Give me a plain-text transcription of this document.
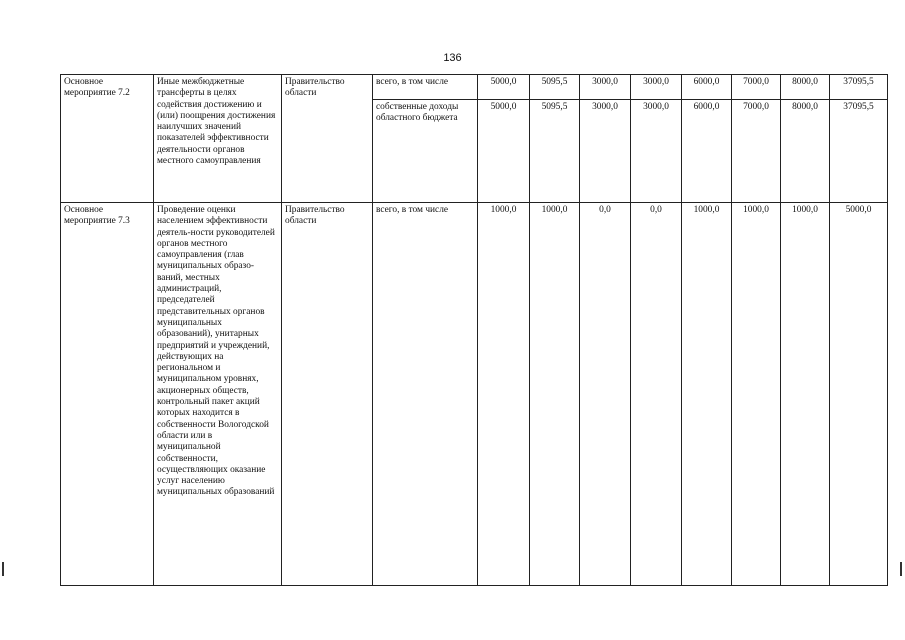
136
Основное мероприятие 7.2	Иные межбюджетные трансферты в целях содействия достижению и (или) поощрения достижения наилучших значений показателей эффективности деятельности органов местного самоуправления	Правительство области	всего, в том числе	5000,0	5095,5	3000,0	3000,0	6000,0	7000,0	8000,0	37095,5
			собственные доходы областного бюджета	5000,0	5095,5	3000,0	3000,0	6000,0	7000,0	8000,0	37095,5
Основное мероприятие 7.3	Проведение оценки населением эффективности деятель-ности руководителей органов местного самоуправления (глав муниципальных образо-ваний, местных администраций, председателей представительных органов муниципальных образований), унитарных предприятий и учреждений, действующих на региональном и муниципальном уровнях, акционерных обществ, контрольный пакет акций которых находится в собственности Вологодской области или в муниципальной собственности, осуществляющих оказание услуг населению муниципальных образований	Правительство области	всего, в том числе	1000,0	1000,0	0,0	0,0	1000,0	1000,0	1000,0	5000,0
